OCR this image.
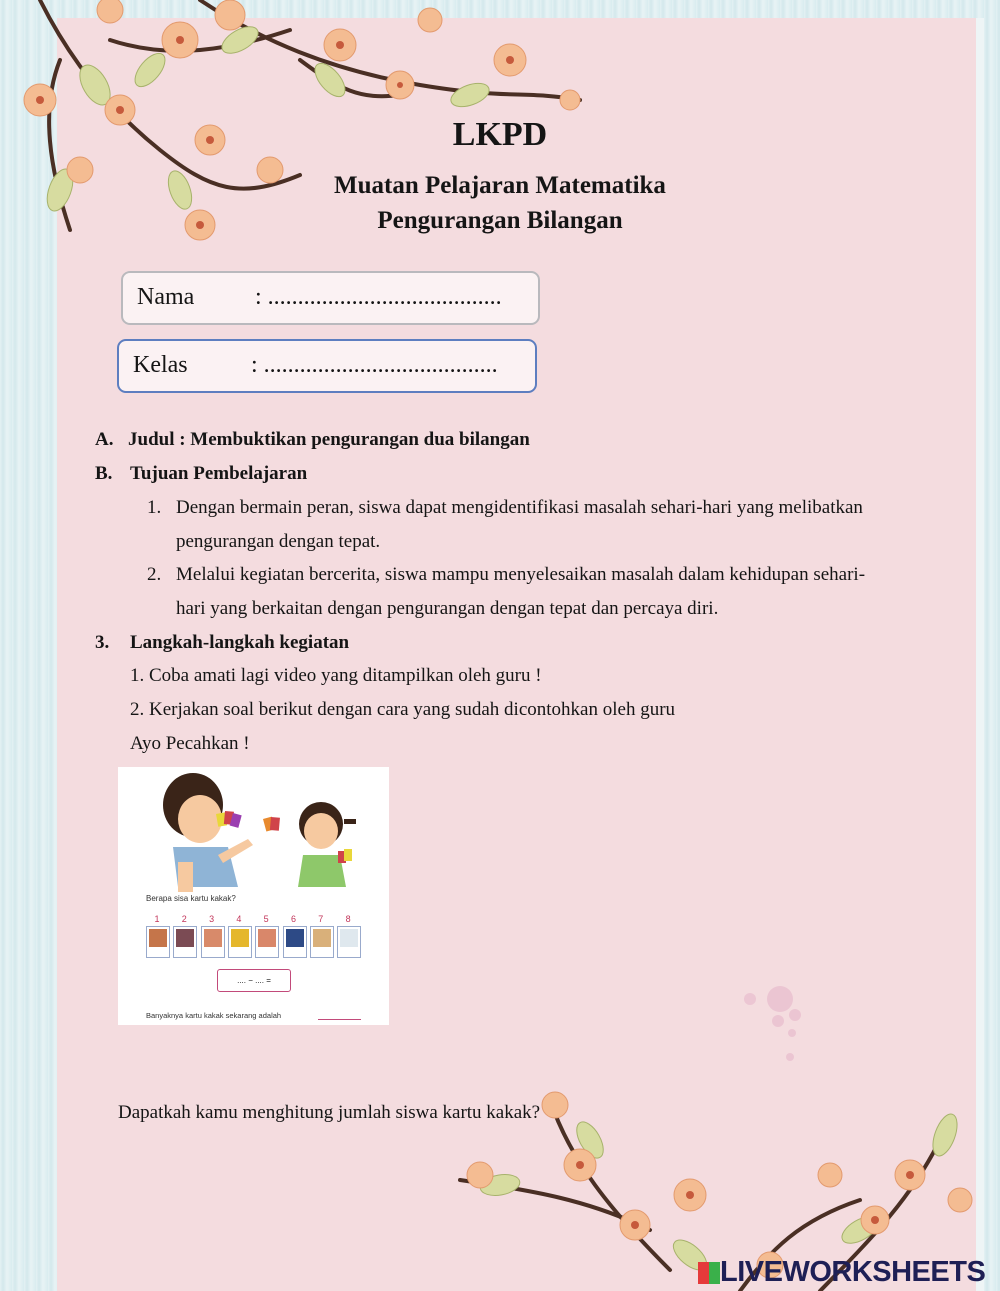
LKPD
Muatan Pelajaran Matematika
Pengurangan Bilangan
Nama	: .......................................
Kelas	: .......................................
A. Judul : Membuktikan pengurangan dua bilangan
B. Tujuan Pembelajaran
1. Dengan bermain peran, siswa dapat mengidentifikasi masalah sehari-hari yang melibatkan
pengurangan dengan tepat.
2. Melalui kegiatan bercerita, siswa mampu menyelesaikan masalah dalam kehidupan sehari-
hari yang berkaitan dengan pengurangan dengan tepat dan percaya diri.
3. Langkah-langkah kegiatan
1. Coba amati lagi video yang ditampilkan oleh guru !
2. Kerjakan soal berikut dengan cara yang sudah dicontohkan oleh guru
Ayo Pecahkan !
Berapa sisa kartu kakak?
1	2	3	4	5	6	7	8
.... − .... =
Banyaknya kartu kakak sekarang adalah
Dapatkah kamu menghitung jumlah siswa kartu kakak?
LIVEWORKSHEETS
